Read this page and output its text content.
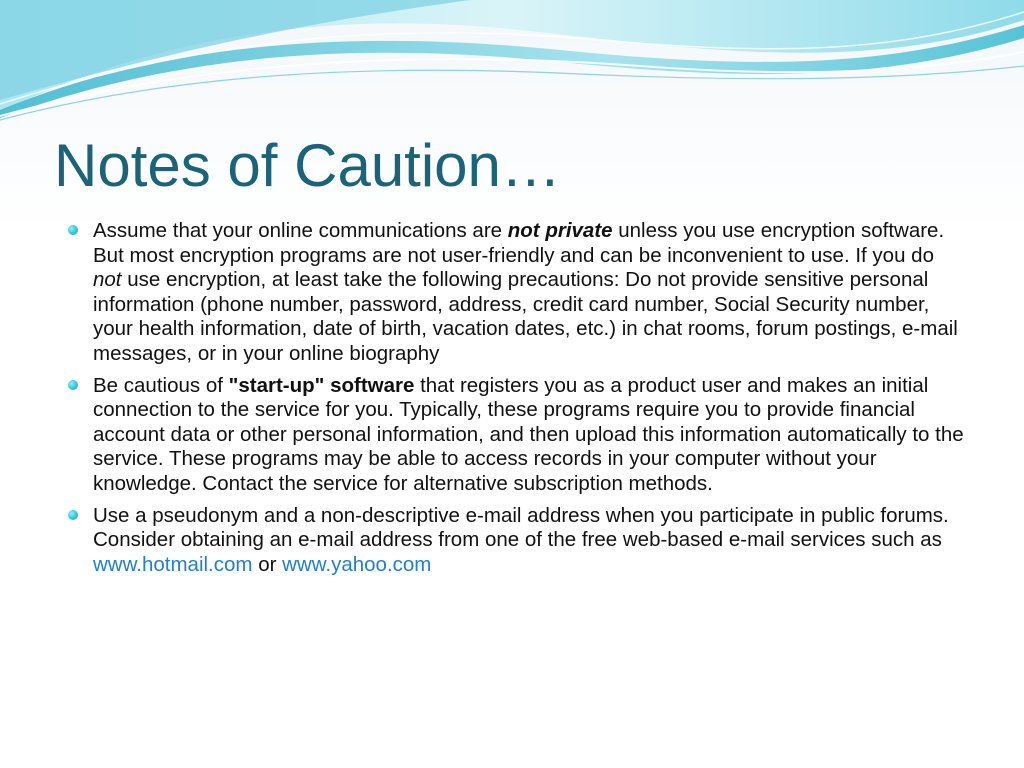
Notes of Caution…
Assume that your online communications are not private unless you use encryption software. But most encryption programs are not user-friendly and can be inconvenient to use. If you do not use encryption, at least take the following precautions: Do not provide sensitive personal information (phone number, password, address, credit card number, Social Security number, your health information, date of birth, vacation dates, etc.) in chat rooms, forum postings, e-mail messages, or in your online biography
Be cautious of "start-up" software that registers you as a product user and makes an initial connection to the service for you. Typically, these programs require you to provide financial account data or other personal information, and then upload this information automatically to the service. These programs may be able to access records in your computer without your knowledge. Contact the service for alternative subscription methods.
Use a pseudonym and a non-descriptive e-mail address when you participate in public forums. Consider obtaining an e-mail address from one of the free web-based e-mail services such as www.hotmail.com or www.yahoo.com
